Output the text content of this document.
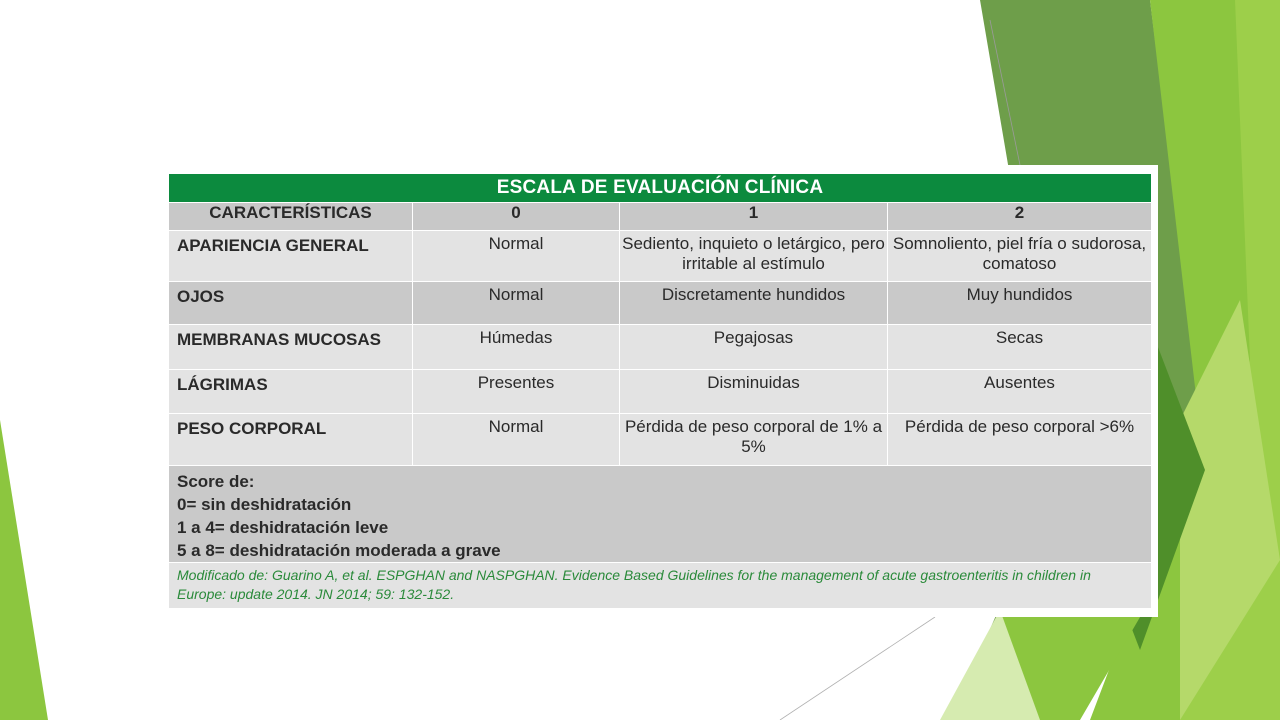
ESCALA DE EVALUACIÓN CLÍNICA			
CARACTERÍSTICAS	0	1	2
APARIENCIA GENERAL	Normal	Sediento, inquieto o letárgico, pero irritable al estímulo	Somnoliento, piel fría o sudorosa, comatoso
OJOS	Normal	Discretamente hundidos	Muy hundidos
MEMBRANAS MUCOSAS	Húmedas	Pegajosas	Secas
LÁGRIMAS	Presentes	Disminuidas	Ausentes
PESO CORPORAL	Normal	Pérdida de peso corporal de 1% a 5%	Pérdida de peso corporal >6%

Score de:
0= sin deshidratación
1 a 4= deshidratación leve
5 a 8= deshidratación moderada a grave			

Modificado de: Guarino A, et al. ESPGHAN and NASPGHAN. Evidence Based Guidelines for the management of acute gastroenteritis in children in Europe: update 2014. JN 2014; 59: 132-152.			
